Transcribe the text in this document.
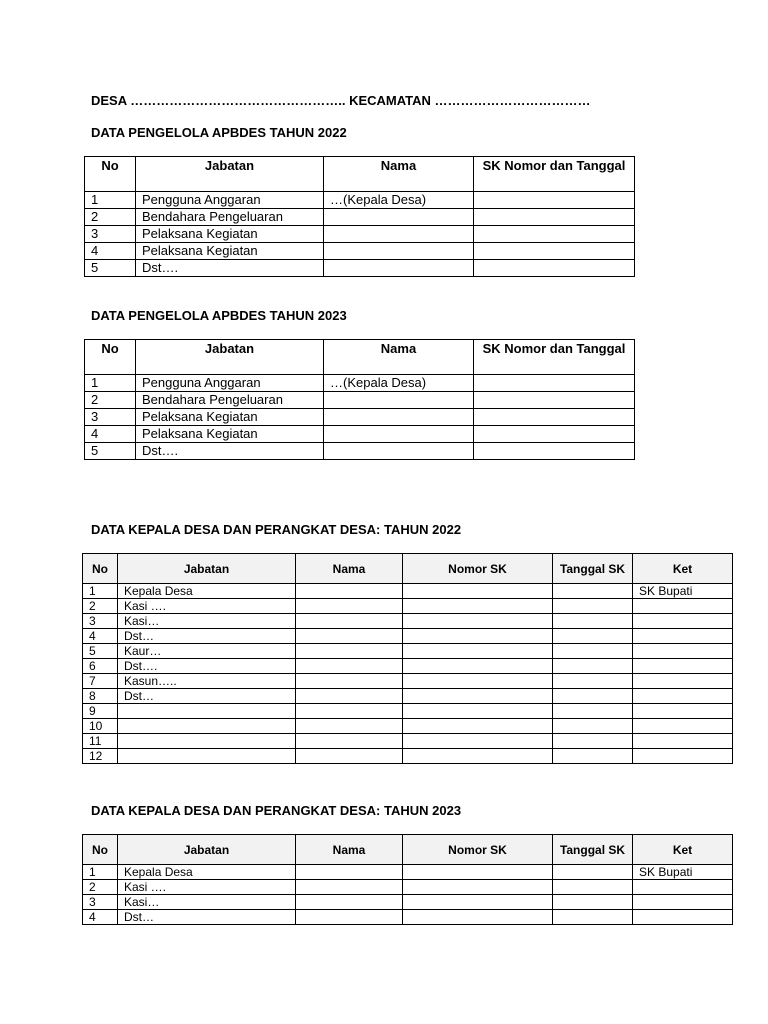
DESA ………………………………………….. KECAMATAN ………………………………
DATA PENGELOLA APBDES TAHUN 2022
No	Jabatan	Nama	SK Nomor dan Tanggal
1	Pengguna Anggaran	…(Kepala Desa)	
2	Bendahara Pengeluaran		
3	Pelaksana Kegiatan		
4	Pelaksana Kegiatan		
5	Dst….		
DATA PENGELOLA APBDES TAHUN 2023
No	Jabatan	Nama	SK Nomor dan Tanggal
1	Pengguna Anggaran	…(Kepala Desa)	
2	Bendahara Pengeluaran		
3	Pelaksana Kegiatan		
4	Pelaksana Kegiatan		
5	Dst….		
DATA KEPALA DESA DAN PERANGKAT DESA: TAHUN 2022
No	Jabatan	Nama	Nomor SK	Tanggal SK	Ket
1	Kepala Desa				SK Bupati
2	Kasi ….				
3	Kasi…				
4	Dst…				
5	Kaur…				
6	Dst….				
7	Kasun…..				
8	Dst…				
9					
10					
11					
12					
DATA KEPALA DESA DAN PERANGKAT DESA: TAHUN 2023
No	Jabatan	Nama	Nomor SK	Tanggal SK	Ket
1	Kepala Desa				SK Bupati
2	Kasi ….				
3	Kasi…				
4	Dst…				
